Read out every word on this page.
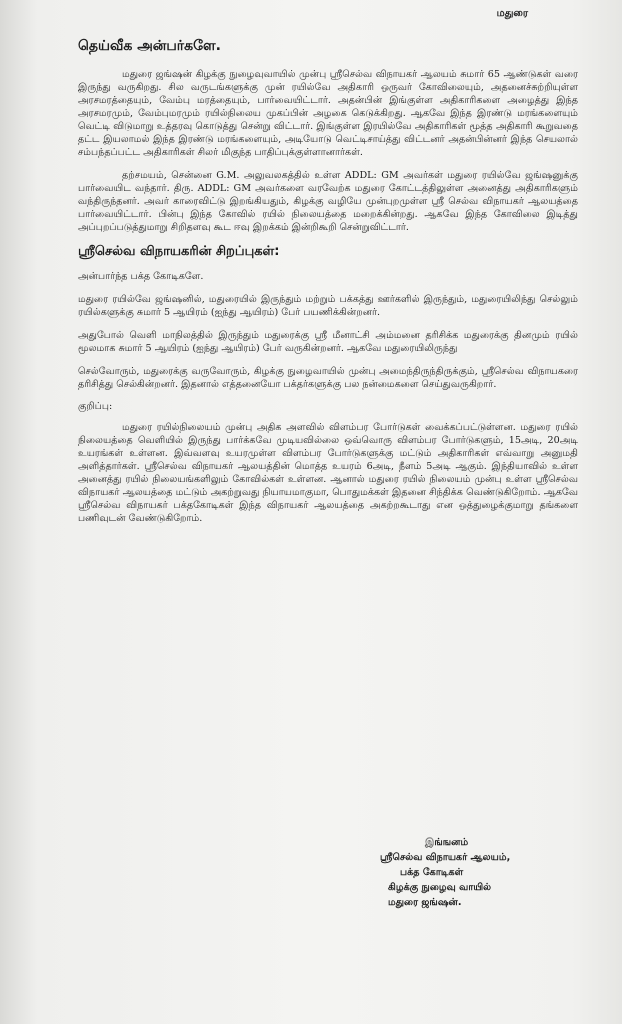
மதுரை
தெய்வீக அன்பர்களே.

மதுரை ஜங்ஷன் கிழக்கு நுழைவுவாயில் முன்பு ஸ்ரீசெல்வ விநாயகர் ஆலயம் சுமார் 65 ஆண்டுகள் வரை இருந்து வருகிறது. சில வருடங்களுக்கு முன் ரயில்வே அதிகாரி ஒருவர் கோவிலையும், அதனைச்சுற்றியுள்ள அரசமரத்தையும், வேம்பு மரத்தையும், பார்வையிட்டார். அதன்பின் இங்குள்ள அதிகாரிகளை அழைத்து இந்த அரசமரமும், வேம்புமரமும் ரயில்நிலைய முகப்பின் அழகை கெடுக்கிறது. ஆகவே இந்த இரண்டு மரங்களையும் வெட்டி விடுமாறு உத்தரவு கொடுத்து சென்று விட்டார். இங்குள்ள இரயில்வே அதிகாரிகள் மூத்த அதிகாரி கூறுவதை தட்ட இயலாமல் இந்த இரண்டு மரங்களையும், அடியோடு வெட்டிசாய்த்து விட்டனர் அதன்பின்னர் இந்த செயலால் சம்பந்தப்பட்ட அதிகாரிகள் சிலர் மிகுந்த பாதிப்புக்குள்ளானார்கள்.

தற்சமயம், சென்னை G.M. அலுவலகத்தில் உள்ள ADDL: GM அவர்கள் மதுரை ரயில்வே ஜங்ஷனுக்கு பார்வையிட வந்தார். திரு. ADDL: GM அவர்களை வரவேற்க மதுரை கோட்டத்திலுள்ள அனைத்து அதிகாரிகளும் வந்திருந்தனர். அவர் காரைவிட்டு இறங்கியதும், கிழக்கு வழியே முன்புறமுள்ள ஸ்ரீ செல்வ விநாயகர் ஆலயத்தை பார்வையிட்டார். பின்பு இந்த கோவில் ரயில் நிலையத்தை மறைக்கின்றது. ஆகவே இந்த கோவிலை இடித்து அப்புறப்படுத்துமாறு சிறிதளவு கூட ஈவு இறக்கம் இன்றிகூறி சென்றுவிட்டார்.

ஸ்ரீசெல்வ விநாயகரின் சிறப்புகள்:

அன்பார்ந்த பக்த கோடிகளே.

மதுரை ரயில்வே ஜங்ஷனில், மதுரையில் இருந்தும் மற்றும் பக்கத்து ஊர்களில் இருந்தும், மதுரையிலிந்து செல்லும் ரயில்களுக்கு சுமார் 5 ஆயிரம் (ஐந்து ஆயிரம்) பேர் பயணிக்கின்றனர்.

அதுபோல் வெளி மாநிலத்தில் இருந்தும் மதுரைக்கு ஸ்ரீ மீனாட்சி அம்மனை தரிசிக்க மதுரைக்கு தினமும் ரயில் மூலமாக சுமார் 5 ஆயிரம் (ஐந்து ஆயிரம்) பேர் வருகின்றனர். ஆகவே மதுரையிலிருந்து

செல்வோரும், மதுரைக்கு வருவோரும், கிழக்கு நுழைவாயில் முன்பு அமைந்திருந்திருக்கும், ஸ்ரீசெல்வ விநாயகரை தரிசித்து செல்கின்றனர். இதனால் எத்தனையோ பக்தர்களுக்கு பல நன்மைகளை செய்துவருகிறார்.

குறிப்பு:

மதுரை ரயில்நிலையம் முன்பு அதிக அளவில் விளம்பர போர்டுகள் வைக்கப்பட்டுள்ளன. மதுரை ரயில் நிலையத்தை வெளியில் இருந்து பார்க்கவே முடியவில்லை ஒவ்வொரு விளம்பர போர்டுகளும், 15அடி, 20அடி உயரங்கள் உள்ளன. இவ்வளவு உயரமுள்ள விளம்பர போர்டுகளுக்கு மட்டும் அதிகாரிகள் எவ்வாறு அனுமதி அளித்தார்கள். ஸ்ரீசெல்வ விநாயகர் ஆலயத்தின் மொத்த உயரம் 6அடி, நீளம் 5அடி ஆகும். இந்தியாவில் உள்ள அனைத்து ரயில் நிலையங்களிலும் கோவில்கள் உள்ளன. ஆனால் மதுரை ரயில் நிலையம் முன்பு உள்ள ஸ்ரீசெல்வ விநாயகர் ஆலயத்தை மட்டும் அகற்றுவது நியாயமாகுமா, பொதுமக்கள் இதனை சிந்திக்க வெண்டுகிறோம். ஆகவே ஸ்ரீசெல்வ விநாயகர் பக்தகோடிகள் இந்த விநாயகர் ஆலயத்தை அகற்றகூடாது என ஒத்துழைக்குமாறு தங்களை பணிவுடன் வேண்டுகிறோம்.

இங்ஙனம்
ஸ்ரீசெல்வ விநாயகர் ஆலயம்,
பக்த கோடிகள்
கிழக்கு நுழைவு வாயில்
மதுரை ஜங்ஷன்.
